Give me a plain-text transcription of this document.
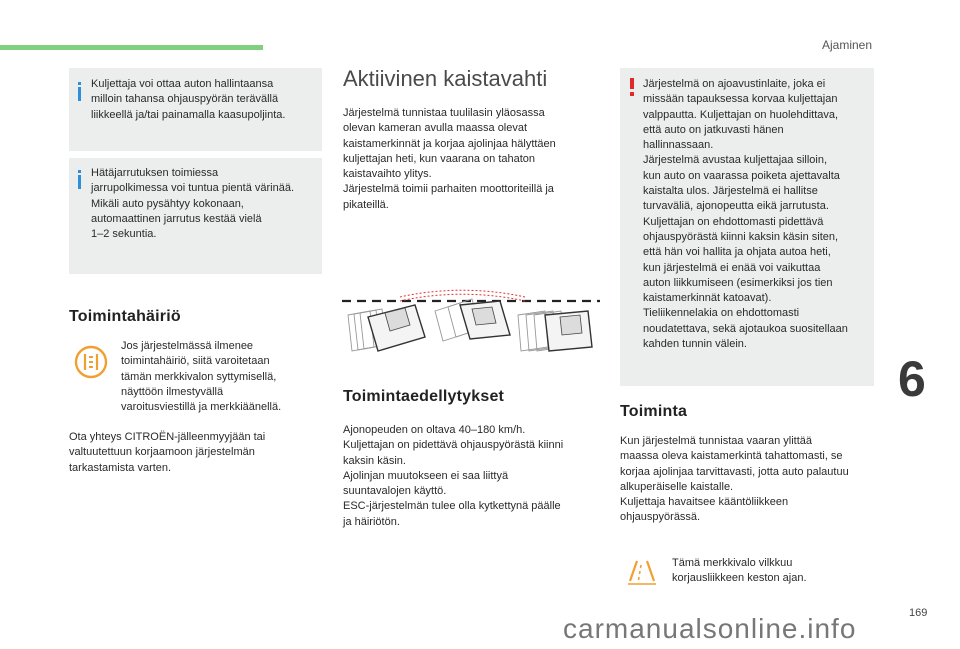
Ajaminen
6
169
Kuljettaja voi ottaa auton hallintaansa
milloin tahansa ohjauspyörän terävällä
liikkeellä ja/tai painamalla kaasupoljinta.
Hätäjarrutuksen toimiessa
jarrupolkimessa voi tuntua pientä värinää.
Mikäli auto pysähtyy kokonaan,
automaattinen jarrutus kestää vielä
1–2 sekuntia.
Toimintahäiriö
Jos järjestelmässä ilmenee
toimintahäiriö, siitä varoitetaan
tämän merkkivalon syttymisellä,
näyttöön ilmestyvällä
varoitusviestillä ja merkkiäänellä.
Ota yhteys CITROËN-jälleenmyyjään tai
valtuutettuun korjaamoon järjestelmän
tarkastamista varten.
Aktiivinen kaistavahti
Järjestelmä tunnistaa tuulilasin yläosassa
olevan kameran avulla maassa olevat
kaistamerkinnät ja korjaa ajolinjaa hälyttäen
kuljettajan heti, kun vaarana on tahaton
kaistavaihto ylitys.
Järjestelmä toimii parhaiten moottoriteillä ja
pikateillä.
Toimintaedellytykset
Ajonopeuden on oltava 40–180 km/h.
Kuljettajan on pidettävä ohjauspyörästä kiinni
kaksin käsin.
Ajolinjan muutokseen ei saa liittyä
suuntavalojen käyttö.
ESC-järjestelmän tulee olla kytkettynä päälle
ja häiriötön.
Järjestelmä on ajoavustinlaite, joka ei
missään tapauksessa korvaa kuljettajan
valppautta. Kuljettajan on huolehdittava,
että auto on jatkuvasti hänen
hallinnassaan.
Järjestelmä avustaa kuljettajaa silloin,
kun auto on vaarassa poiketa ajettavalta
kaistalta ulos. Järjestelmä ei hallitse
turvaväliä, ajonopeutta eikä jarrutusta.
Kuljettajan on ehdottomasti pidettävä
ohjauspyörästä kiinni kaksin käsin siten,
että hän voi hallita ja ohjata autoa heti,
kun järjestelmä ei enää voi vaikuttaa
auton liikkumiseen (esimerkiksi jos tien
kaistamerkinnät katoavat).
Tieliikennelakia on ehdottomasti
noudatettava, sekä ajotaukoa suositellaan
kahden tunnin välein.
Toiminta
Kun järjestelmä tunnistaa vaaran ylittää
maassa oleva kaistamerkintä tahattomasti, se
korjaa ajolinjaa tarvittavasti, jotta auto palautuu
alkuperäiselle kaistalle.
Kuljettaja havaitsee kääntöliikkeen
ohjauspyörässä.
Tämä merkkivalo vilkkuu
korjausliikkeen keston ajan.
carmanualsonline.info
